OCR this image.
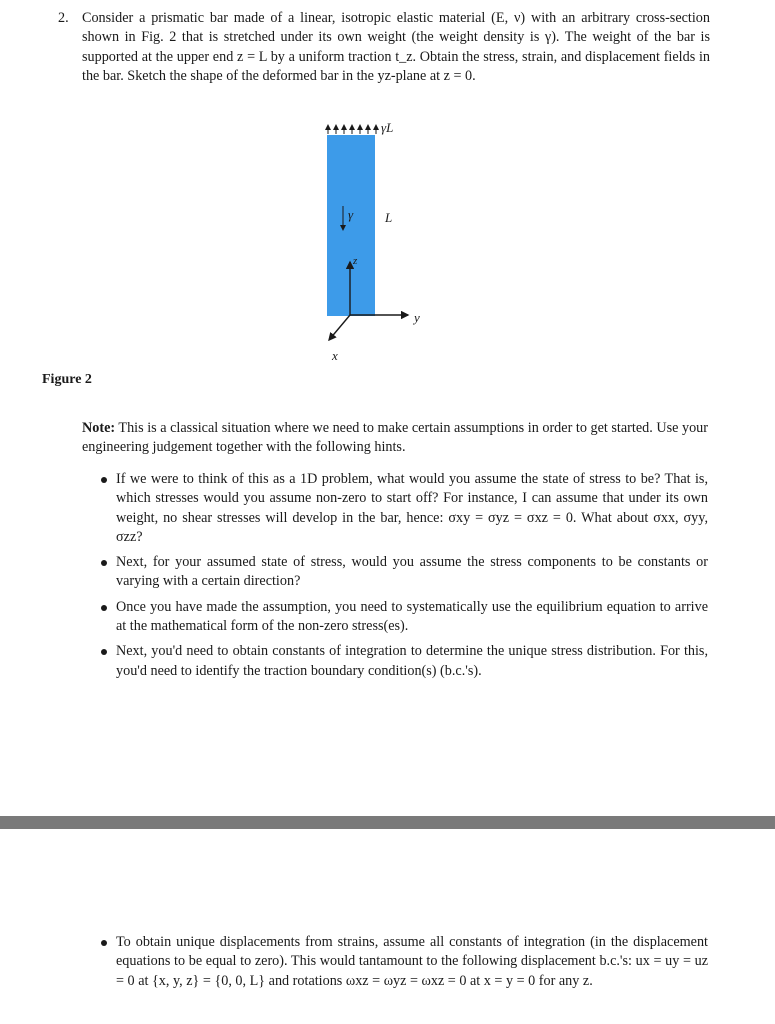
2. Consider a prismatic bar made of a linear, isotropic elastic material (E, ν) with an arbitrary cross-section shown in Fig. 2 that is stretched under its own weight (the weight density is γ). The weight of the bar is supported at the upper end z = L by a uniform traction t_z. Obtain the stress, strain, and displacement fields in the bar. Sketch the shape of the deformed bar in the yz-plane at z = 0.
γL
γ L
z
y
x
Figure 2
Note: This is a classical situation where we need to make certain assumptions in order to get started. Use your engineering judgement together with the following hints.
If we were to think of this as a 1D problem, what would you assume the state of stress to be? That is, which stresses would you assume non-zero to start off? For instance, I can assume that under its own weight, no shear stresses will develop in the bar, hence: σxy = σyz = σxz = 0. What about σxx, σyy, σzz?
Next, for your assumed state of stress, would you assume the stress components to be constants or varying with a certain direction?
Once you have made the assumption, you need to systematically use the equilibrium equation to arrive at the mathematical form of the non-zero stress(es).
Next, you'd need to obtain constants of integration to determine the unique stress distribution. For this, you'd need to identify the traction boundary condition(s) (b.c.'s).
To obtain unique displacements from strains, assume all constants of integration (in the displacement equations to be equal to zero). This would tantamount to the following displacement b.c.'s: ux = uy = uz = 0 at {x, y, z} = {0, 0, L} and rotations ωxz = ωyz = ωxz = 0 at x = y = 0 for any z.
